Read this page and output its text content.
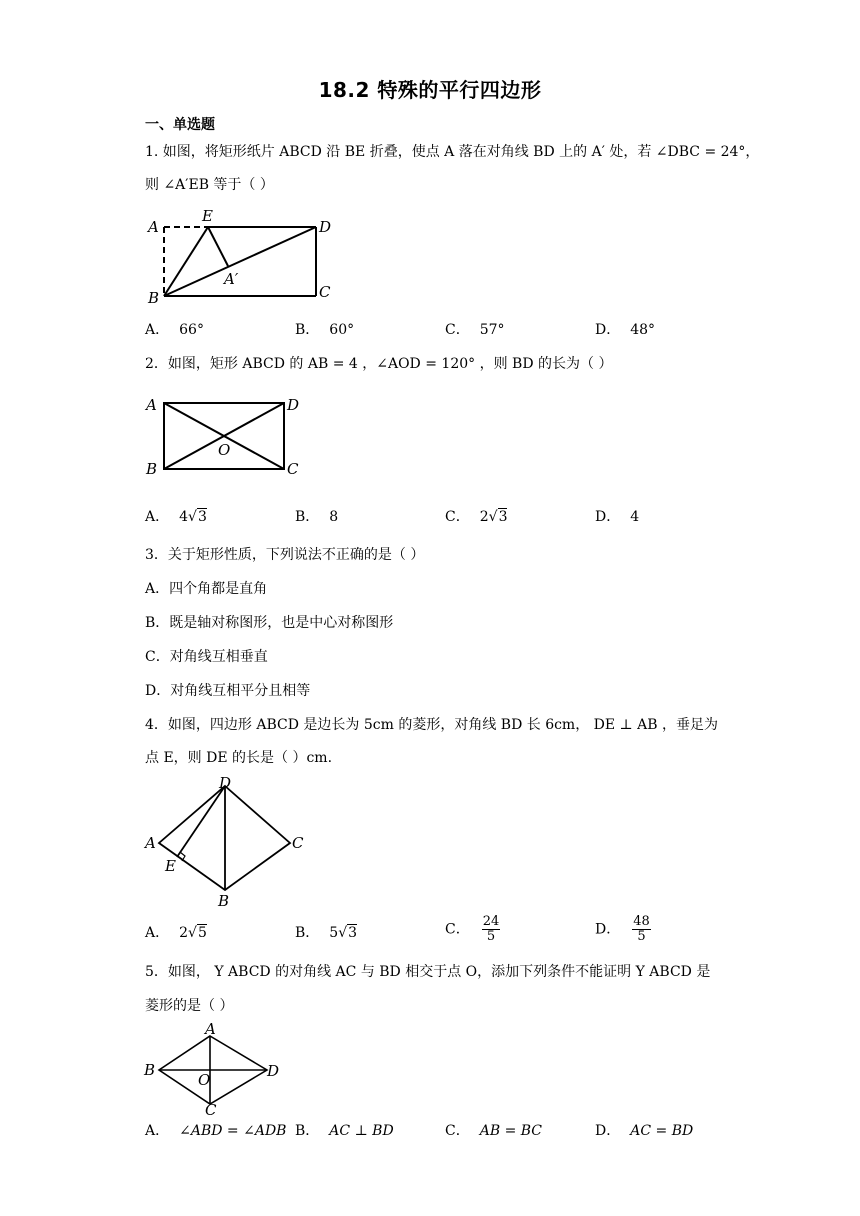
18.2 特殊的平行四边形
一、单选题
1. 如图，将矩形纸片 ABCD 沿 BE 折叠，使点 A 落在对角线 BD 上的 A′ 处，若 ∠DBC = 24°，
则 ∠A′EB 等于（ ）
A
E
D
A′
B	C
A． 66°	B． 60°	C． 57°	D． 48°
2．如图，矩形 ABCD 的 AB = 4 ，∠AOD = 120° ，则 BD 的长为（ ）
A	D
O
B	C
A． 4√3	B． 8	C． 2√3	D． 4
3．关于矩形性质，下列说法不正确的是（ ）
A．四个角都是直角
B．既是轴对称图形，也是中心对称图形
C．对角线互相垂直
D．对角线互相平分且相等
4．如图，四边形 ABCD 是边长为 5cm 的菱形，对角线 BD 长 6cm， DE ⊥ AB ，垂足为
点 E，则 DE 的长是（ ）cm.
D
A	C
E
B
A． 2√5	B． 5√3	C． $\frac{24}{5}$	D． $\frac{48}{5}$
5．如图， Y ABCD 的对角线 AC 与 BD 相交于点 O，添加下列条件不能证明 Y ABCD 是
菱形的是（ ）
A
B
O	D
C
A． ∠ABD = ∠ADB B． AC ⊥ BD	C． AB = BC	D． AC = BD
